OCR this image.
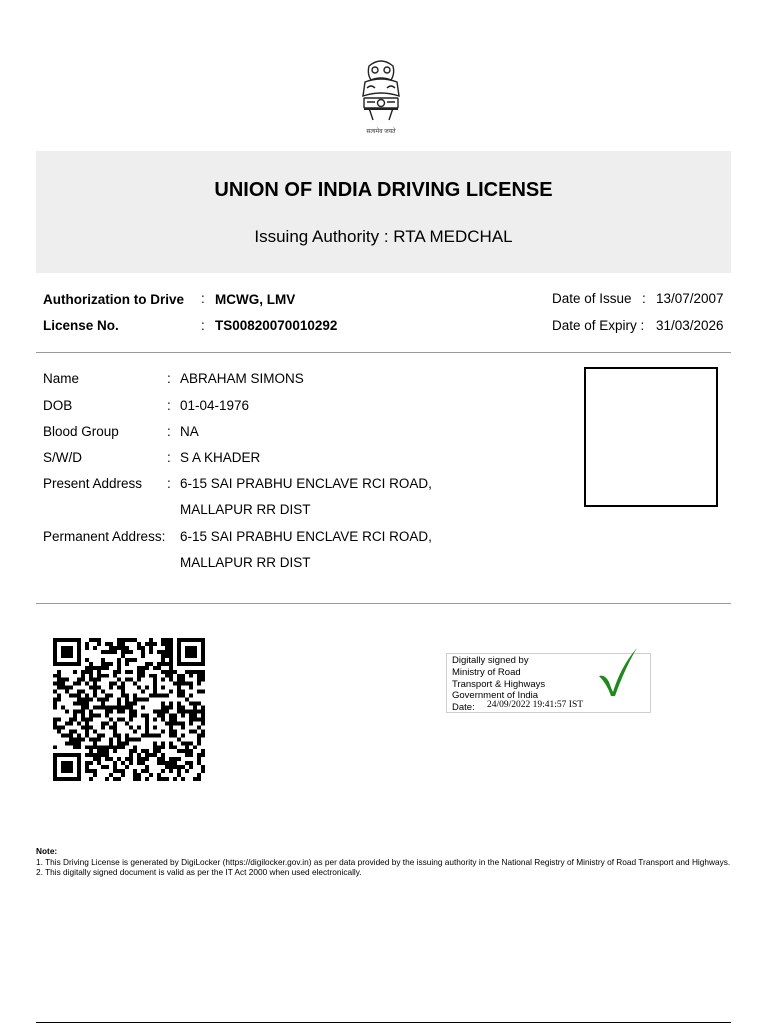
सत्यमेव जयते
UNION OF INDIA DRIVING LICENSE
Issuing Authority : RTA MEDCHAL
Authorization to Drive : MCWG, LMV
License No.	: TS00820070010292
Date of Issue : 13/07/2007
Date of Expiry : 31/03/2026
Name	: ABRAHAM SIMONS
DOB	: 01-04-1976
Blood Group	: NA
S/W/D	: S A KHADER
Present Address : 6-15 SAI PRABHU ENCLAVE RCI ROAD,
MALLAPUR RR DIST
Permanent Address: 6-15 SAI PRABHU ENCLAVE RCI ROAD,
MALLAPUR RR DIST
Digitally signed by
Ministry of Road
Transport & Highways
Government of India
Date: 24/09/2022 19:41:57 IST
Note:
1. This Driving License is generated by DigiLocker (https://digilocker.gov.in) as per data provided by the issuing authority in the National Registry of Ministry of Road Transport and Highways.
2. This digitally signed document is valid as per the IT Act 2000 when used electronically.
